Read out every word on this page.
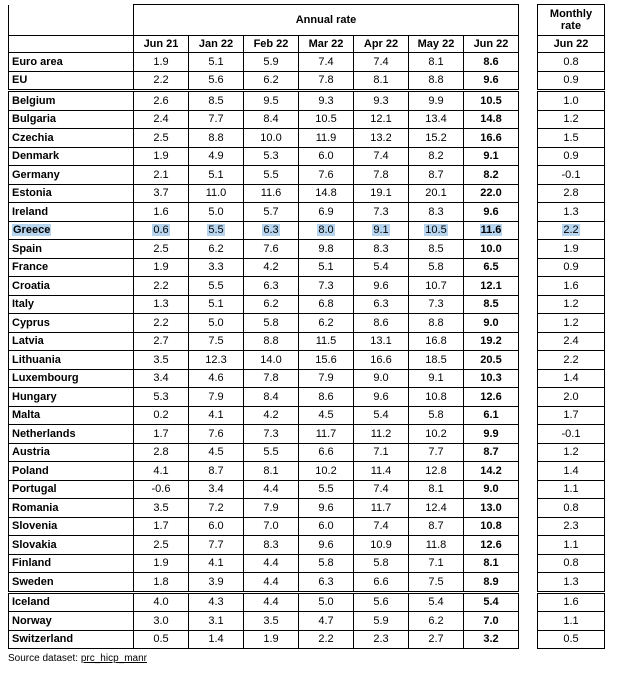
	Annual rate								Monthly
rate
	Jun 21	Jan 22	Feb 22	Mar 22	Apr 22	May 22	Jun 22		Jun 22
Euro area	1.9	5.1	5.9	7.4	7.4	8.1	8.6		0.8
EU	2.2	5.6	6.2	7.8	8.1	8.8	9.6		0.9
Belgium	2.6	8.5	9.5	9.3	9.3	9.9	10.5		1.0
Bulgaria	2.4	7.7	8.4	10.5	12.1	13.4	14.8		1.2
Czechia	2.5	8.8	10.0	11.9	13.2	15.2	16.6		1.5
Denmark	1.9	4.9	5.3	6.0	7.4	8.2	9.1		0.9
Germany	2.1	5.1	5.5	7.6	7.8	8.7	8.2		-0.1
Estonia	3.7	11.0	11.6	14.8	19.1	20.1	22.0		2.8
Ireland	1.6	5.0	5.7	6.9	7.3	8.3	9.6		1.3
Greece	0.6	5.5	6.3	8.0	9.1	10.5	11.6		2.2
Spain	2.5	6.2	7.6	9.8	8.3	8.5	10.0		1.9
France	1.9	3.3	4.2	5.1	5.4	5.8	6.5		0.9
Croatia	2.2	5.5	6.3	7.3	9.6	10.7	12.1		1.6
Italy	1.3	5.1	6.2	6.8	6.3	7.3	8.5		1.2
Cyprus	2.2	5.0	5.8	6.2	8.6	8.8	9.0		1.2
Latvia	2.7	7.5	8.8	11.5	13.1	16.8	19.2		2.4
Lithuania	3.5	12.3	14.0	15.6	16.6	18.5	20.5		2.2
Luxembourg	3.4	4.6	7.8	7.9	9.0	9.1	10.3		1.4
Hungary	5.3	7.9	8.4	8.6	9.6	10.8	12.6		2.0
Malta	0.2	4.1	4.2	4.5	5.4	5.8	6.1		1.7
Netherlands	1.7	7.6	7.3	11.7	11.2	10.2	9.9		-0.1
Austria	2.8	4.5	5.5	6.6	7.1	7.7	8.7		1.2
Poland	4.1	8.7	8.1	10.2	11.4	12.8	14.2		1.4
Portugal	-0.6	3.4	4.4	5.5	7.4	8.1	9.0		1.1
Romania	3.5	7.2	7.9	9.6	11.7	12.4	13.0		0.8
Slovenia	1.7	6.0	7.0	6.0	7.4	8.7	10.8		2.3
Slovakia	2.5	7.7	8.3	9.6	10.9	11.8	12.6		1.1
Finland	1.9	4.1	4.4	5.8	5.8	7.1	8.1		0.8
Sweden	1.8	3.9	4.4	6.3	6.6	7.5	8.9		1.3
Iceland	4.0	4.3	4.4	5.0	5.6	5.4	5.4		1.6
Norway	3.0	3.1	3.5	4.7	5.9	6.2	7.0		1.1
Switzerland	0.5	1.4	1.9	2.2	2.3	2.7	3.2		0.5
Source dataset: prc_hicp_manr
